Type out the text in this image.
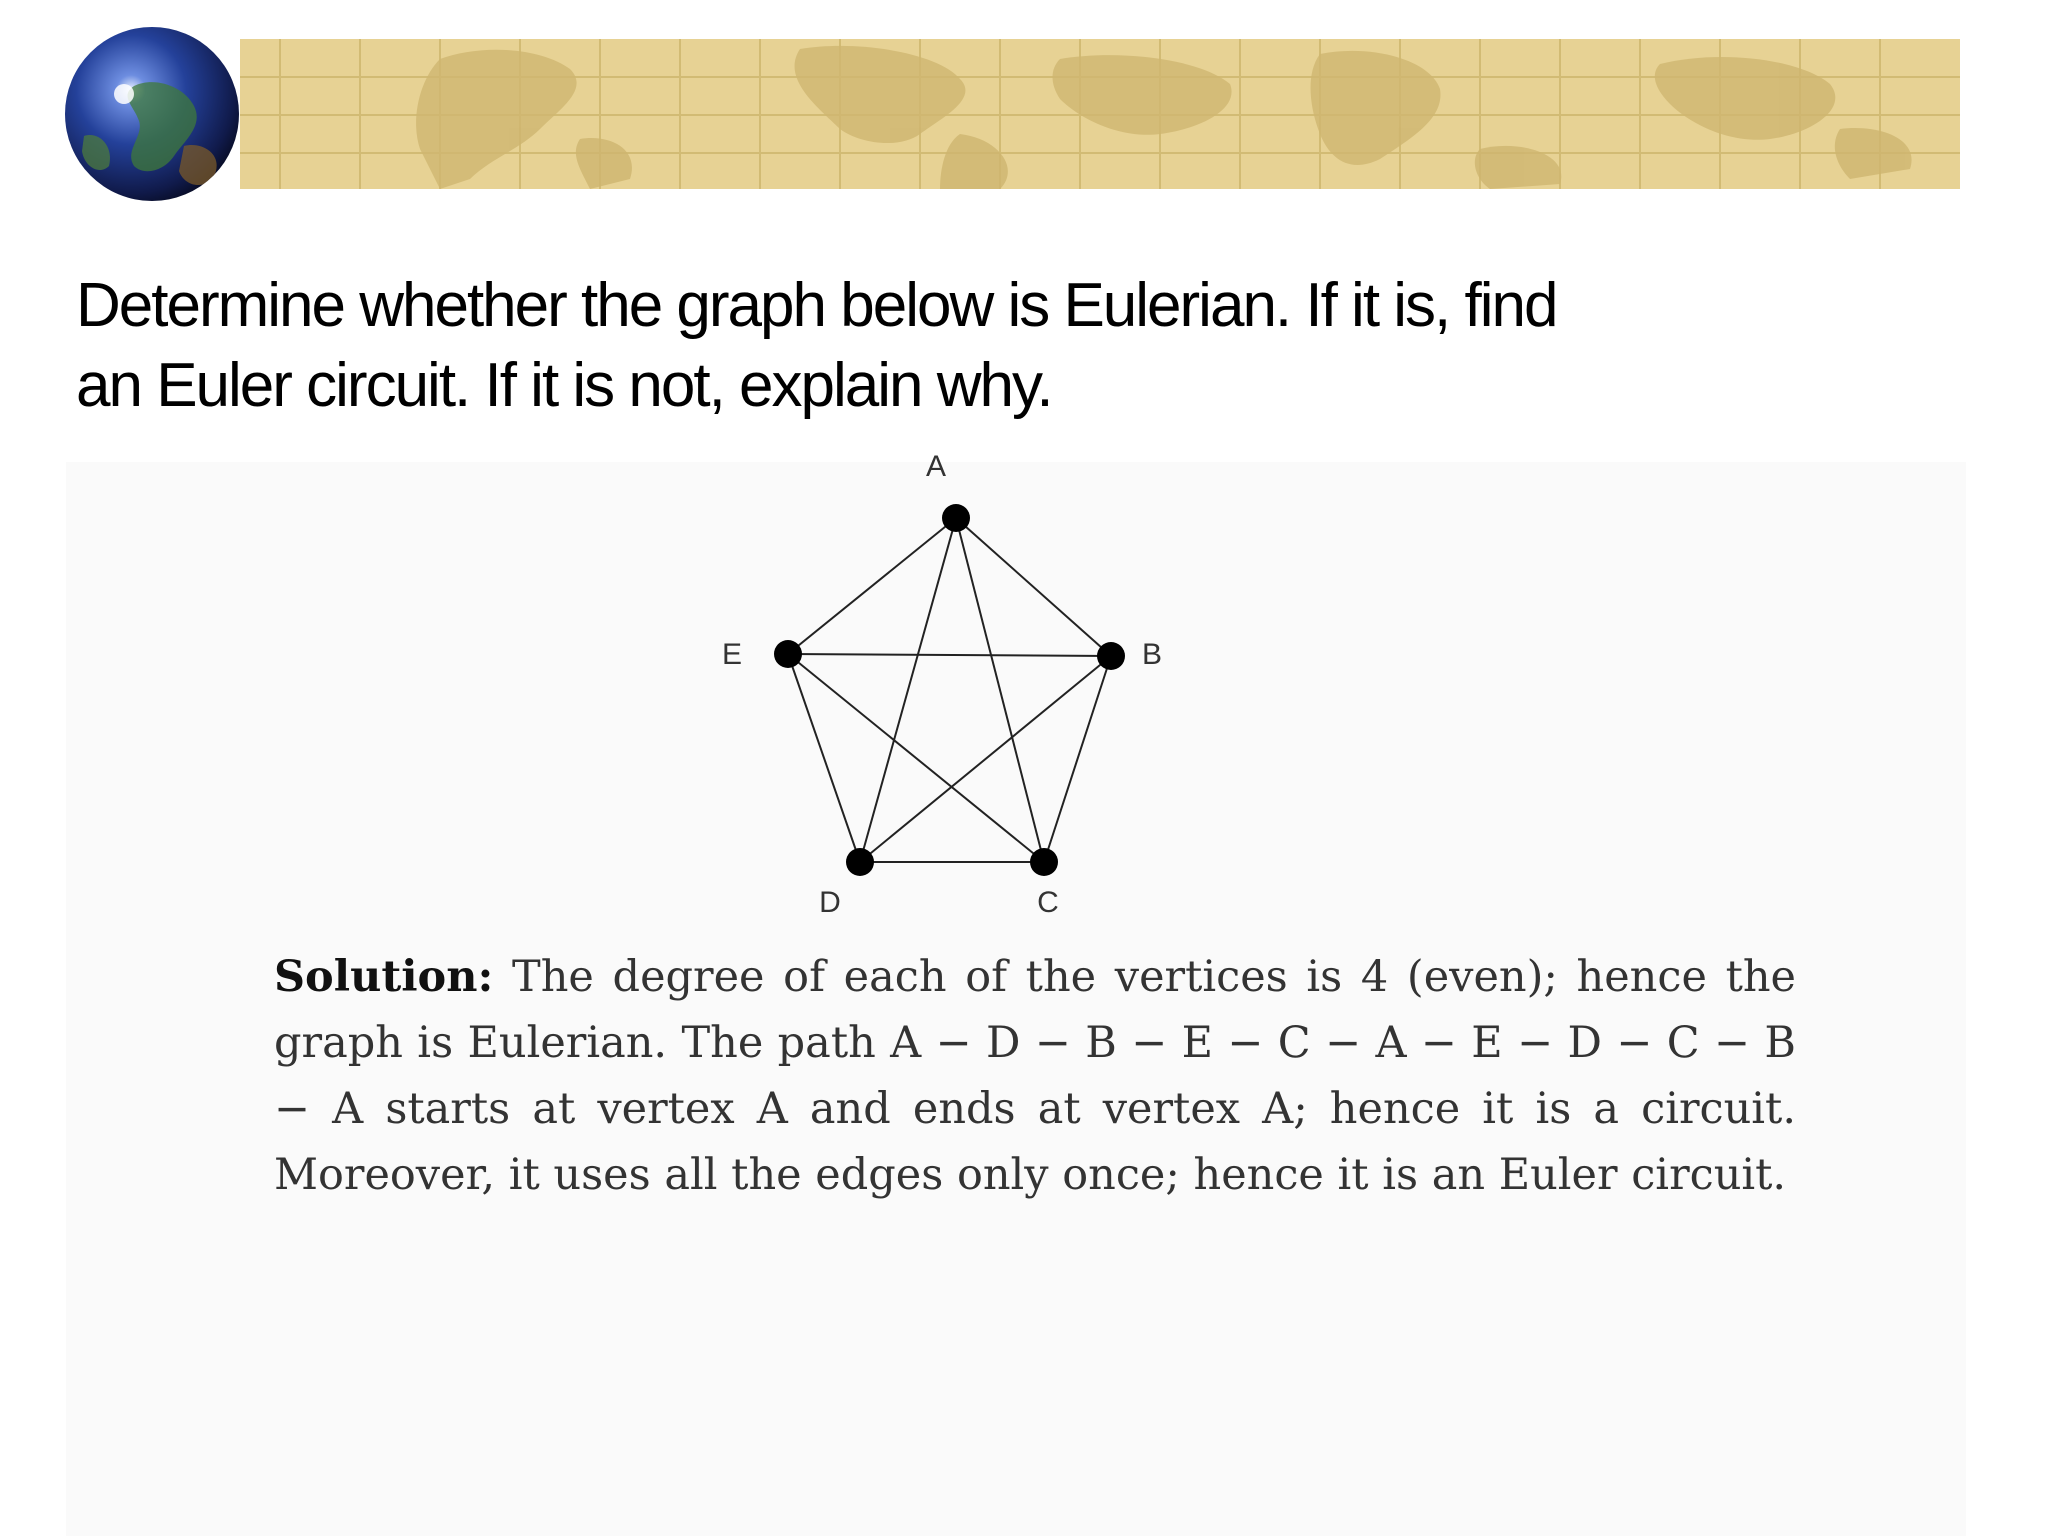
Determine whether the graph below is Eulerian. If it is, find
an Euler circuit. If it is not, explain why.
A
B
C
D
E
Solution: The degree of each of the vertices is 4 (even); hence the graph is Eulerian. The path A − D − B − E − C − A − E − D − C − B − A starts at vertex A and ends at vertex A; hence it is a circuit. Moreover, it uses all the edges only once; hence it is an Euler circuit.
